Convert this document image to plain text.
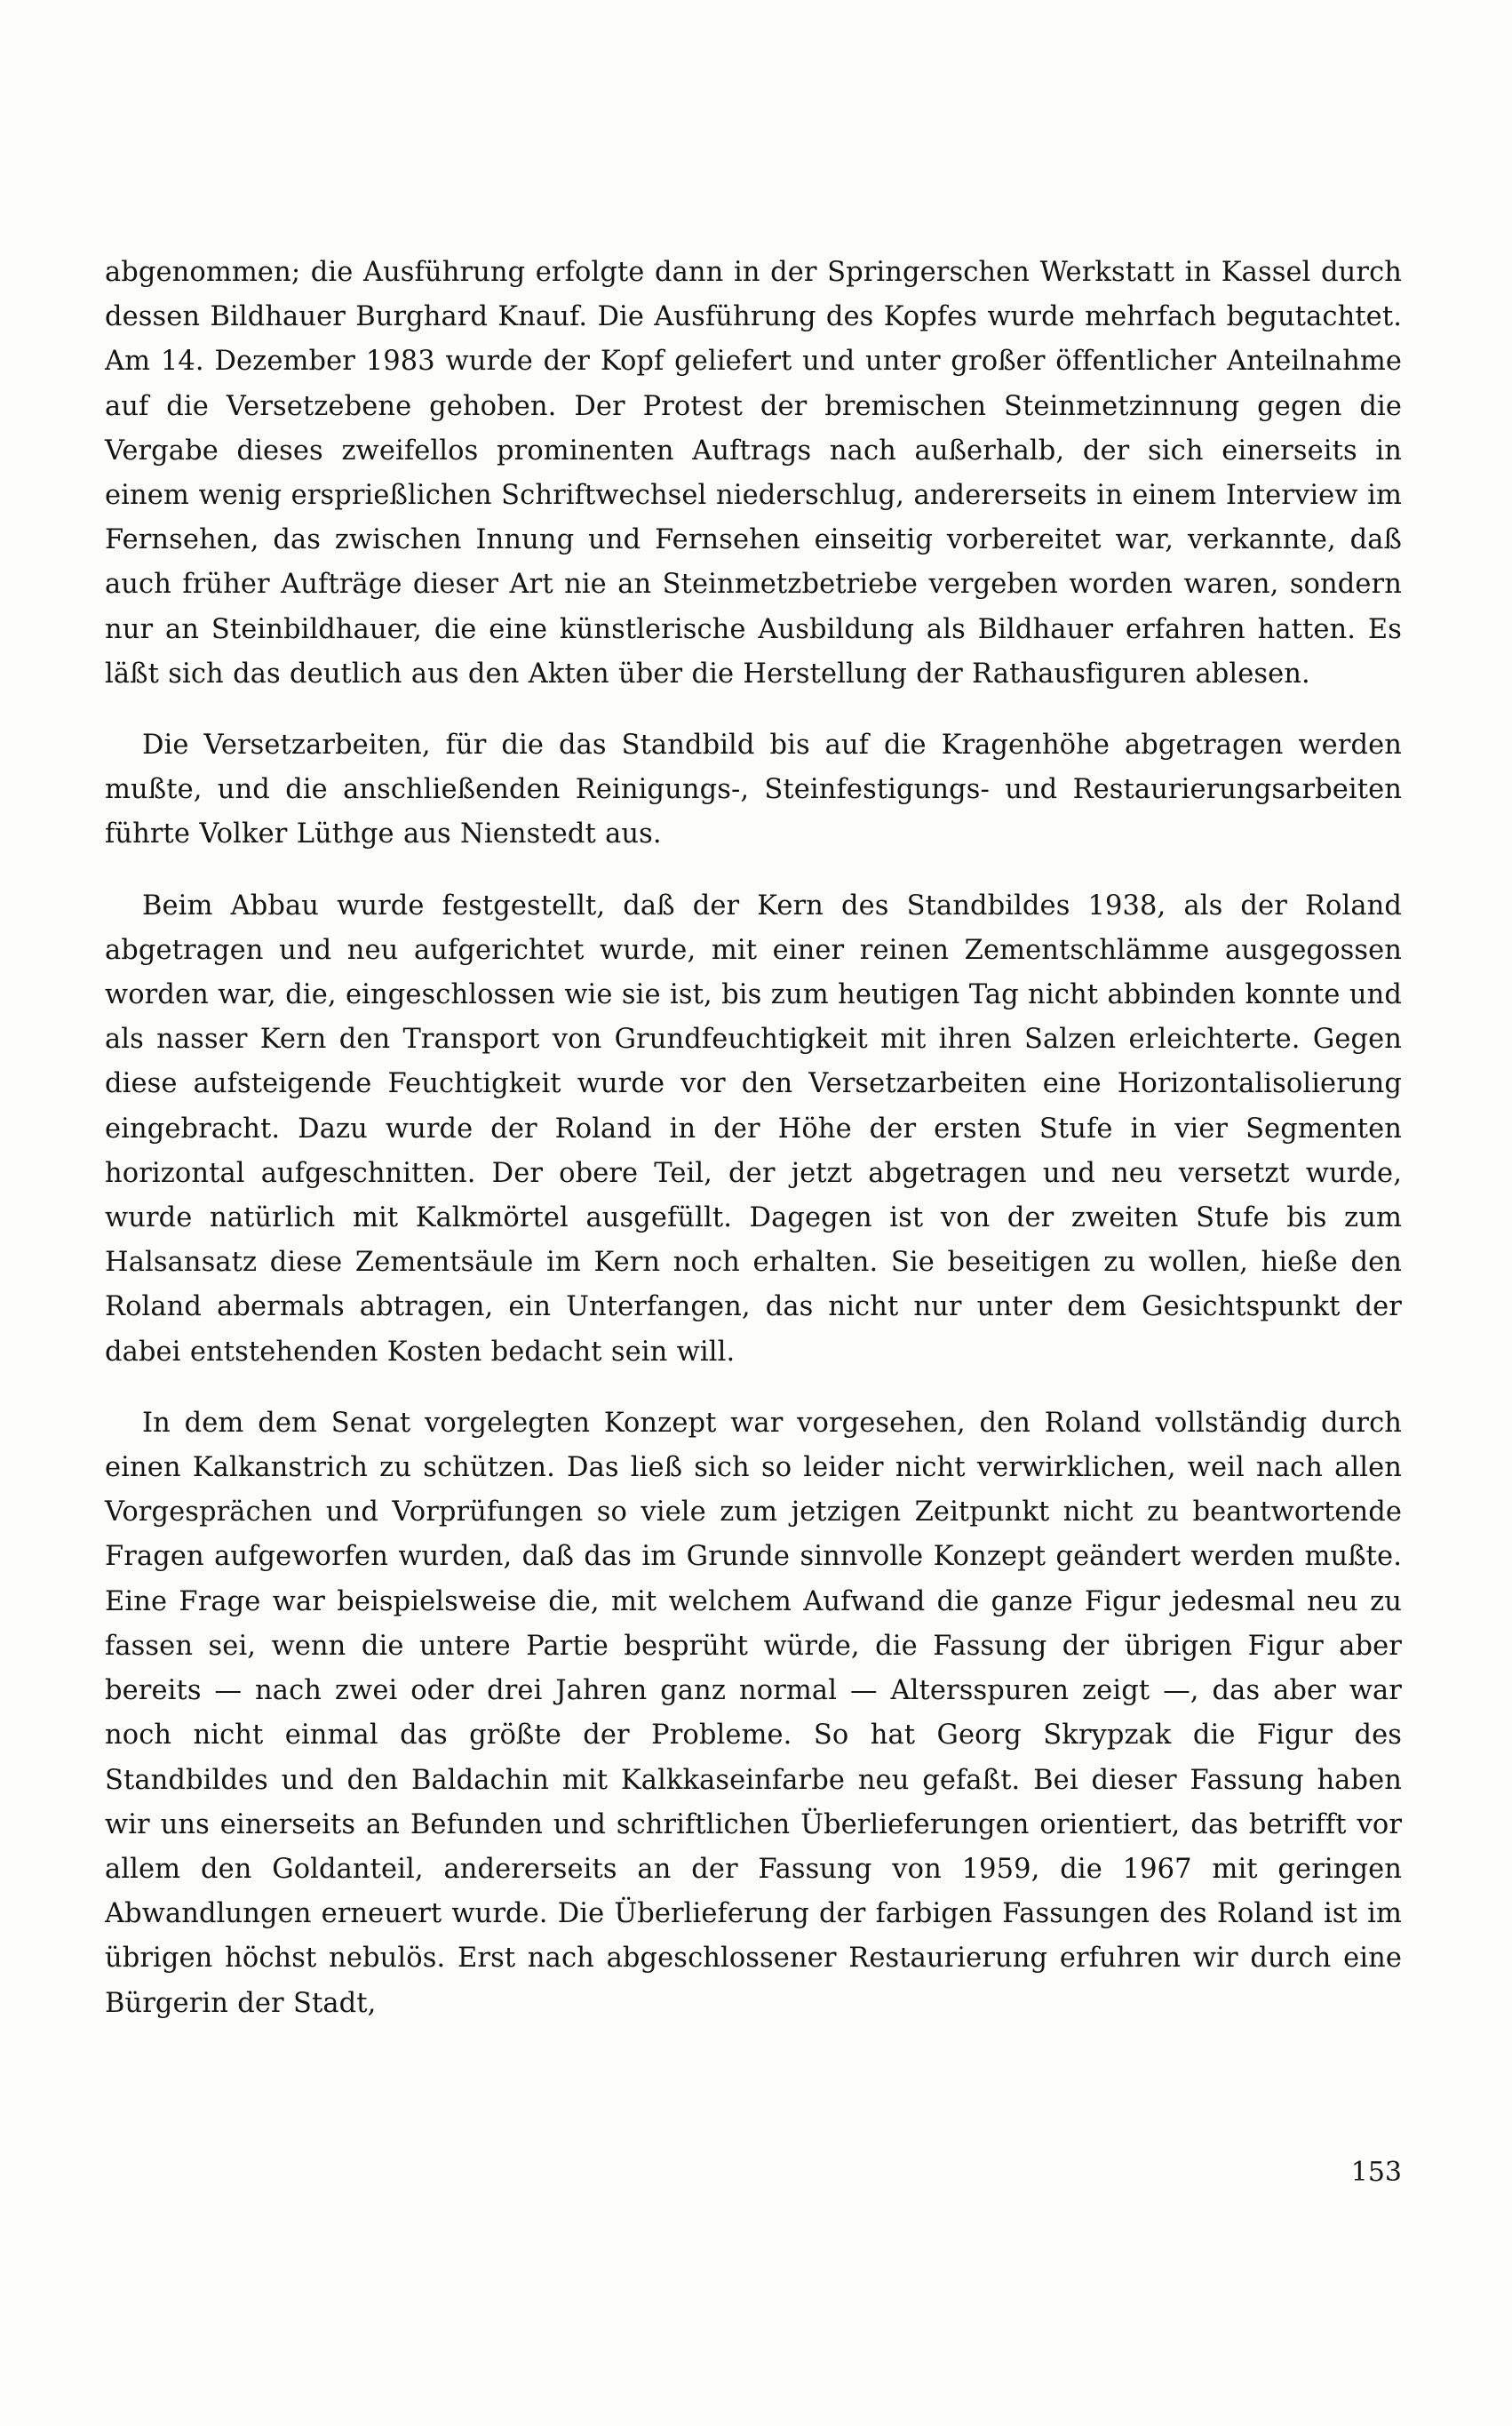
abgenommen; die Ausführung erfolgte dann in der Springerschen Werkstatt in Kassel durch dessen Bildhauer Burghard Knauf. Die Ausführung des Kopfes wurde mehrfach begutachtet. Am 14. Dezember 1983 wurde der Kopf geliefert und unter großer öffentlicher Anteilnahme auf die Versetzebene gehoben. Der Protest der bremischen Steinmetzinnung gegen die Vergabe dieses zweifellos prominenten Auftrags nach außerhalb, der sich einerseits in einem wenig ersprießlichen Schriftwechsel niederschlug, andererseits in einem Interview im Fernsehen, das zwischen Innung und Fernsehen einseitig vorbereitet war, verkannte, daß auch früher Aufträge dieser Art nie an Steinmetzbetriebe vergeben worden waren, sondern nur an Steinbildhauer, die eine künstlerische Ausbildung als Bildhauer erfahren hatten. Es läßt sich das deutlich aus den Akten über die Herstellung der Rathausfiguren ablesen.

Die Versetzarbeiten, für die das Standbild bis auf die Kragenhöhe abgetragen werden mußte, und die anschließenden Reinigungs-, Steinfestigungs- und Restaurierungsarbeiten führte Volker Lüthge aus Nienstedt aus.

Beim Abbau wurde festgestellt, daß der Kern des Standbildes 1938, als der Roland abgetragen und neu aufgerichtet wurde, mit einer reinen Zementschlämme ausgegossen worden war, die, eingeschlossen wie sie ist, bis zum heutigen Tag nicht abbinden konnte und als nasser Kern den Transport von Grundfeuchtigkeit mit ihren Salzen erleichterte. Gegen diese aufsteigende Feuchtigkeit wurde vor den Versetzarbeiten eine Horizontalisolierung eingebracht. Dazu wurde der Roland in der Höhe der ersten Stufe in vier Segmenten horizontal aufgeschnitten. Der obere Teil, der jetzt abgetragen und neu versetzt wurde, wurde natürlich mit Kalkmörtel ausgefüllt. Dagegen ist von der zweiten Stufe bis zum Halsansatz diese Zementsäule im Kern noch erhalten. Sie beseitigen zu wollen, hieße den Roland abermals abtragen, ein Unterfangen, das nicht nur unter dem Gesichtspunkt der dabei entstehenden Kosten bedacht sein will.

In dem dem Senat vorgelegten Konzept war vorgesehen, den Roland vollständig durch einen Kalkanstrich zu schützen. Das ließ sich so leider nicht verwirklichen, weil nach allen Vorgesprächen und Vorprüfungen so viele zum jetzigen Zeitpunkt nicht zu beantwortende Fragen aufgeworfen wurden, daß das im Grunde sinnvolle Konzept geändert werden mußte. Eine Frage war beispielsweise die, mit welchem Aufwand die ganze Figur jedesmal neu zu fassen sei, wenn die untere Partie besprüht würde, die Fassung der übrigen Figur aber bereits — nach zwei oder drei Jahren ganz normal — Altersspuren zeigt —, das aber war noch nicht einmal das größte der Probleme. So hat Georg Skrypzak die Figur des Standbildes und den Baldachin mit Kalkkaseinfarbe neu gefaßt. Bei dieser Fassung haben wir uns einerseits an Befunden und schriftlichen Überlieferungen orientiert, das betrifft vor allem den Goldanteil, andererseits an der Fassung von 1959, die 1967 mit geringen Abwandlungen erneuert wurde. Die Überlieferung der farbigen Fassungen des Roland ist im übrigen höchst nebulös. Erst nach abgeschlossener Restaurierung erfuhren wir durch eine Bürgerin der Stadt,

153
